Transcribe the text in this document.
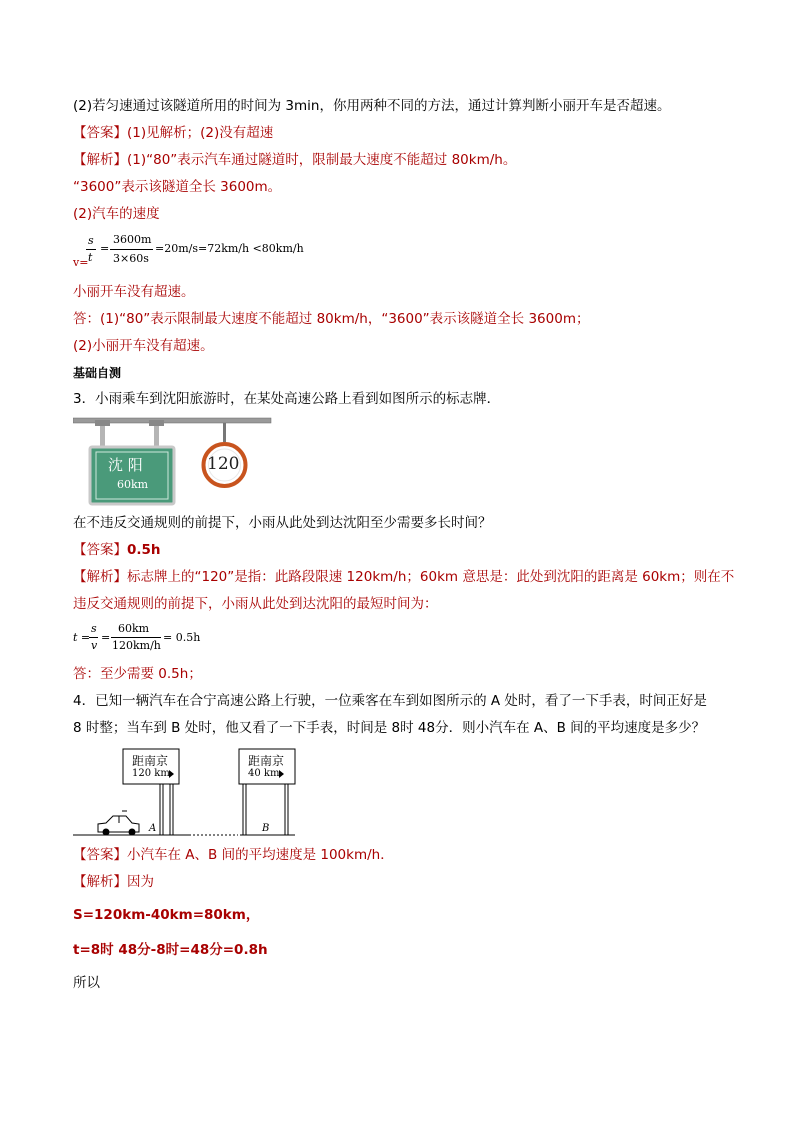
(2)若匀速通过该隧道所用的时间为 3min，你用两种不同的方法，通过计算判断小丽开车是否超速。
【答案】(1)见解析；(2)没有超速
【解析】(1)“80”表示汽车通过隧道时，限制最大速度不能超过 80km/h。
“3600”表示该隧道全长 3600m。
(2)汽车的速度
v=
s
t
=
3600m
3×60s
=20m/s=72km/h <80km/h
小丽开车没有超速。
答：(1)“80”表示限制最大速度不能超过 80km/h，“3600”表示该隧道全长 3600m；
(2)小丽开车没有超速。
基础自测
3．小雨乘车到沈阳旅游时，在某处高速公路上看到如图所示的标志牌．
沈 阳
60km
120
在不违反交通规则的前提下，小雨从此处到达沈阳至少需要多长时间？
【答案】0.5h
【解析】标志牌上的“120”是指：此路段限速 120km/h；60km 意思是：此处到沈阳的距离是 60km；则在不
违反交通规则的前提下，小雨从此处到达沈阳的最短时间为：
t =
s
v
=
60km
120km/h
= 0.5h
答：至少需要 0.5h；
4．已知一辆汽车在合宁高速公路上行驶，一位乘客在车到如图所示的 A 处时，看了一下手表，时间正好是
8 时整；当车到 B 处时，他又看了一下手表，时间是 8时 48分．则小汽车在 A、B 间的平均速度是多少？
距南京
120 km
A
距南京
40 km
B
【答案】小汽车在 A、B 间的平均速度是 100km/h．
【解析】因为
S=120km-40km=80km，
t=8时 48分-8时=48分=0.8h
所以
